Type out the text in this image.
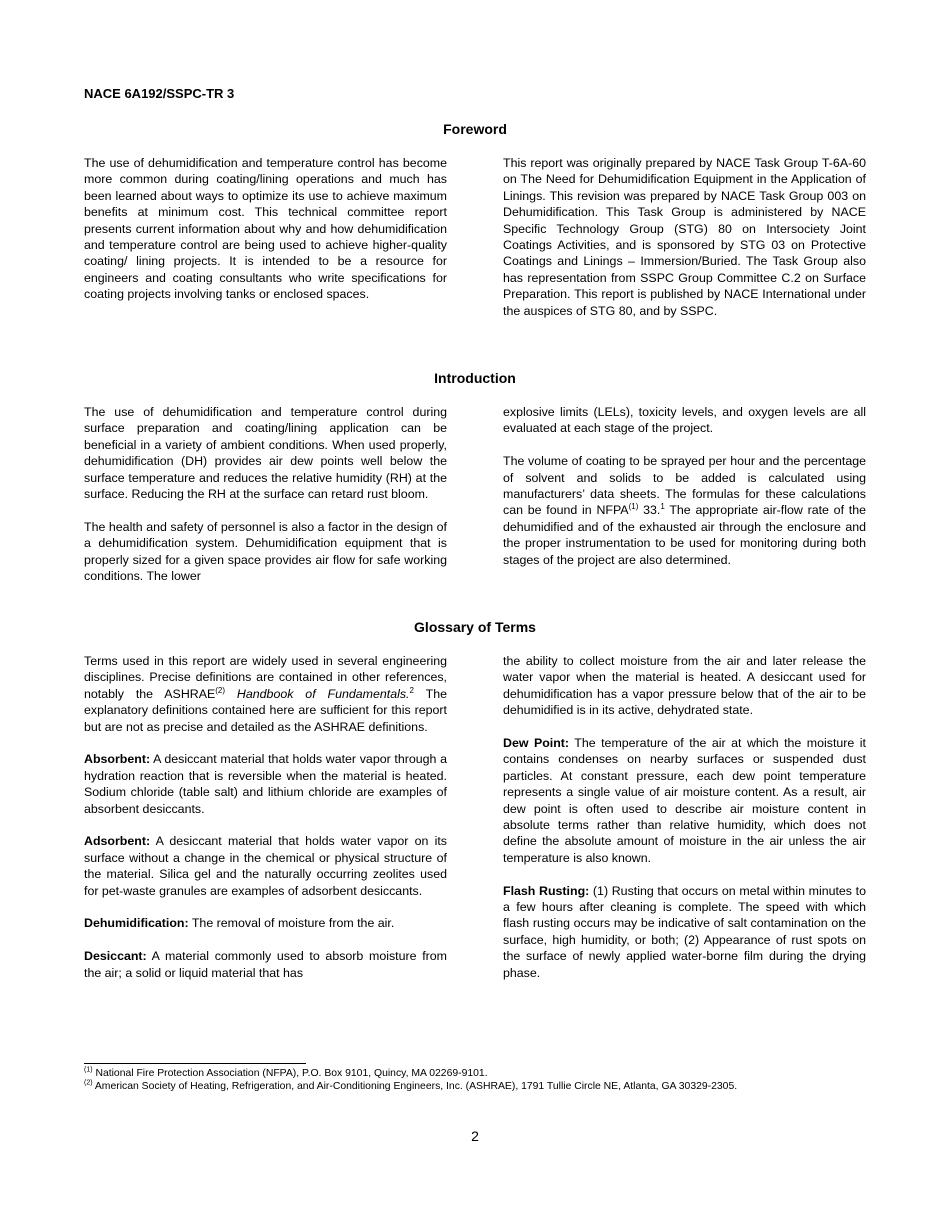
NACE 6A192/SSPC-TR 3
Foreword

The use of dehumidification and temperature control has become more common during coating/lining operations and much has been learned about ways to optimize its use to achieve maximum benefits at minimum cost. This technical committee report presents current information about why and how dehumidification and temperature control are being used to achieve higher-quality coating/ lining projects. It is intended to be a resource for engineers and coating consultants who write specifications for coating projects involving tanks or enclosed spaces.

This report was originally prepared by NACE Task Group T-6A-60 on The Need for Dehumidification Equipment in the Application of Linings. This revision was prepared by NACE Task Group 003 on Dehumidification. This Task Group is administered by NACE Specific Technology Group (STG) 80 on Intersociety Joint Coatings Activities, and is sponsored by STG 03 on Protective Coatings and Linings – Immersion/Buried. The Task Group also has representation from SSPC Group Committee C.2 on Surface Preparation. This report is published by NACE International under the auspices of STG 80, and by SSPC.

Introduction

The use of dehumidification and temperature control during surface preparation and coating/lining application can be beneficial in a variety of ambient conditions. When used properly, dehumidification (DH) provides air dew points well below the surface temperature and reduces the relative humidity (RH) at the surface. Reducing the RH at the surface can retard rust bloom.

The health and safety of personnel is also a factor in the design of a dehumidification system. Dehumidification equipment that is properly sized for a given space provides air flow for safe working conditions. The lower

explosive limits (LELs), toxicity levels, and oxygen levels are all evaluated at each stage of the project.

The volume of coating to be sprayed per hour and the percentage of solvent and solids to be added is calculated using manufacturers’ data sheets. The formulas for these calculations can be found in NFPA$^{(1)}$ 33.$^1$ The appropriate air-flow rate of the dehumidified and of the exhausted air through the enclosure and the proper instrumentation to be used for monitoring during both stages of the project are also determined.

Glossary of Terms

Terms used in this report are widely used in several engineering disciplines. Precise definitions are contained in other references, notably the ASHRAE$^{(2)}$ Handbook of Fundamentals.$^2$ The explanatory definitions contained here are sufficient for this report but are not as precise and detailed as the ASHRAE definitions.

Absorbent: A desiccant material that holds water vapor through a hydration reaction that is reversible when the material is heated. Sodium chloride (table salt) and lithium chloride are examples of absorbent desiccants.

Adsorbent: A desiccant material that holds water vapor on its surface without a change in the chemical or physical structure of the material. Silica gel and the naturally occurring zeolites used for pet-waste granules are examples of adsorbent desiccants.

Dehumidification: The removal of moisture from the air.

Desiccant: A material commonly used to absorb moisture from the air; a solid or liquid material that has

the ability to collect moisture from the air and later release the water vapor when the material is heated. A desiccant used for dehumidification has a vapor pressure below that of the air to be dehumidified is in its active, dehydrated state.

Dew Point: The temperature of the air at which the moisture it contains condenses on nearby surfaces or suspended dust particles. At constant pressure, each dew point temperature represents a single value of air moisture content. As a result, air dew point is often used to describe air moisture content in absolute terms rather than relative humidity, which does not define the absolute amount of moisture in the air unless the air temperature is also known.

Flash Rusting: (1) Rusting that occurs on metal within minutes to a few hours after cleaning is complete. The speed with which flash rusting occurs may be indicative of salt contamination on the surface, high humidity, or both; (2) Appearance of rust spots on the surface of newly applied water-borne film during the drying phase.

$^{(1)}$ National Fire Protection Association (NFPA), P.O. Box 9101, Quincy, MA 02269-9101.
$^{(2)}$ American Society of Heating, Refrigeration, and Air-Conditioning Engineers, Inc. (ASHRAE), 1791 Tullie Circle NE, Atlanta, GA 30329-2305.
2
